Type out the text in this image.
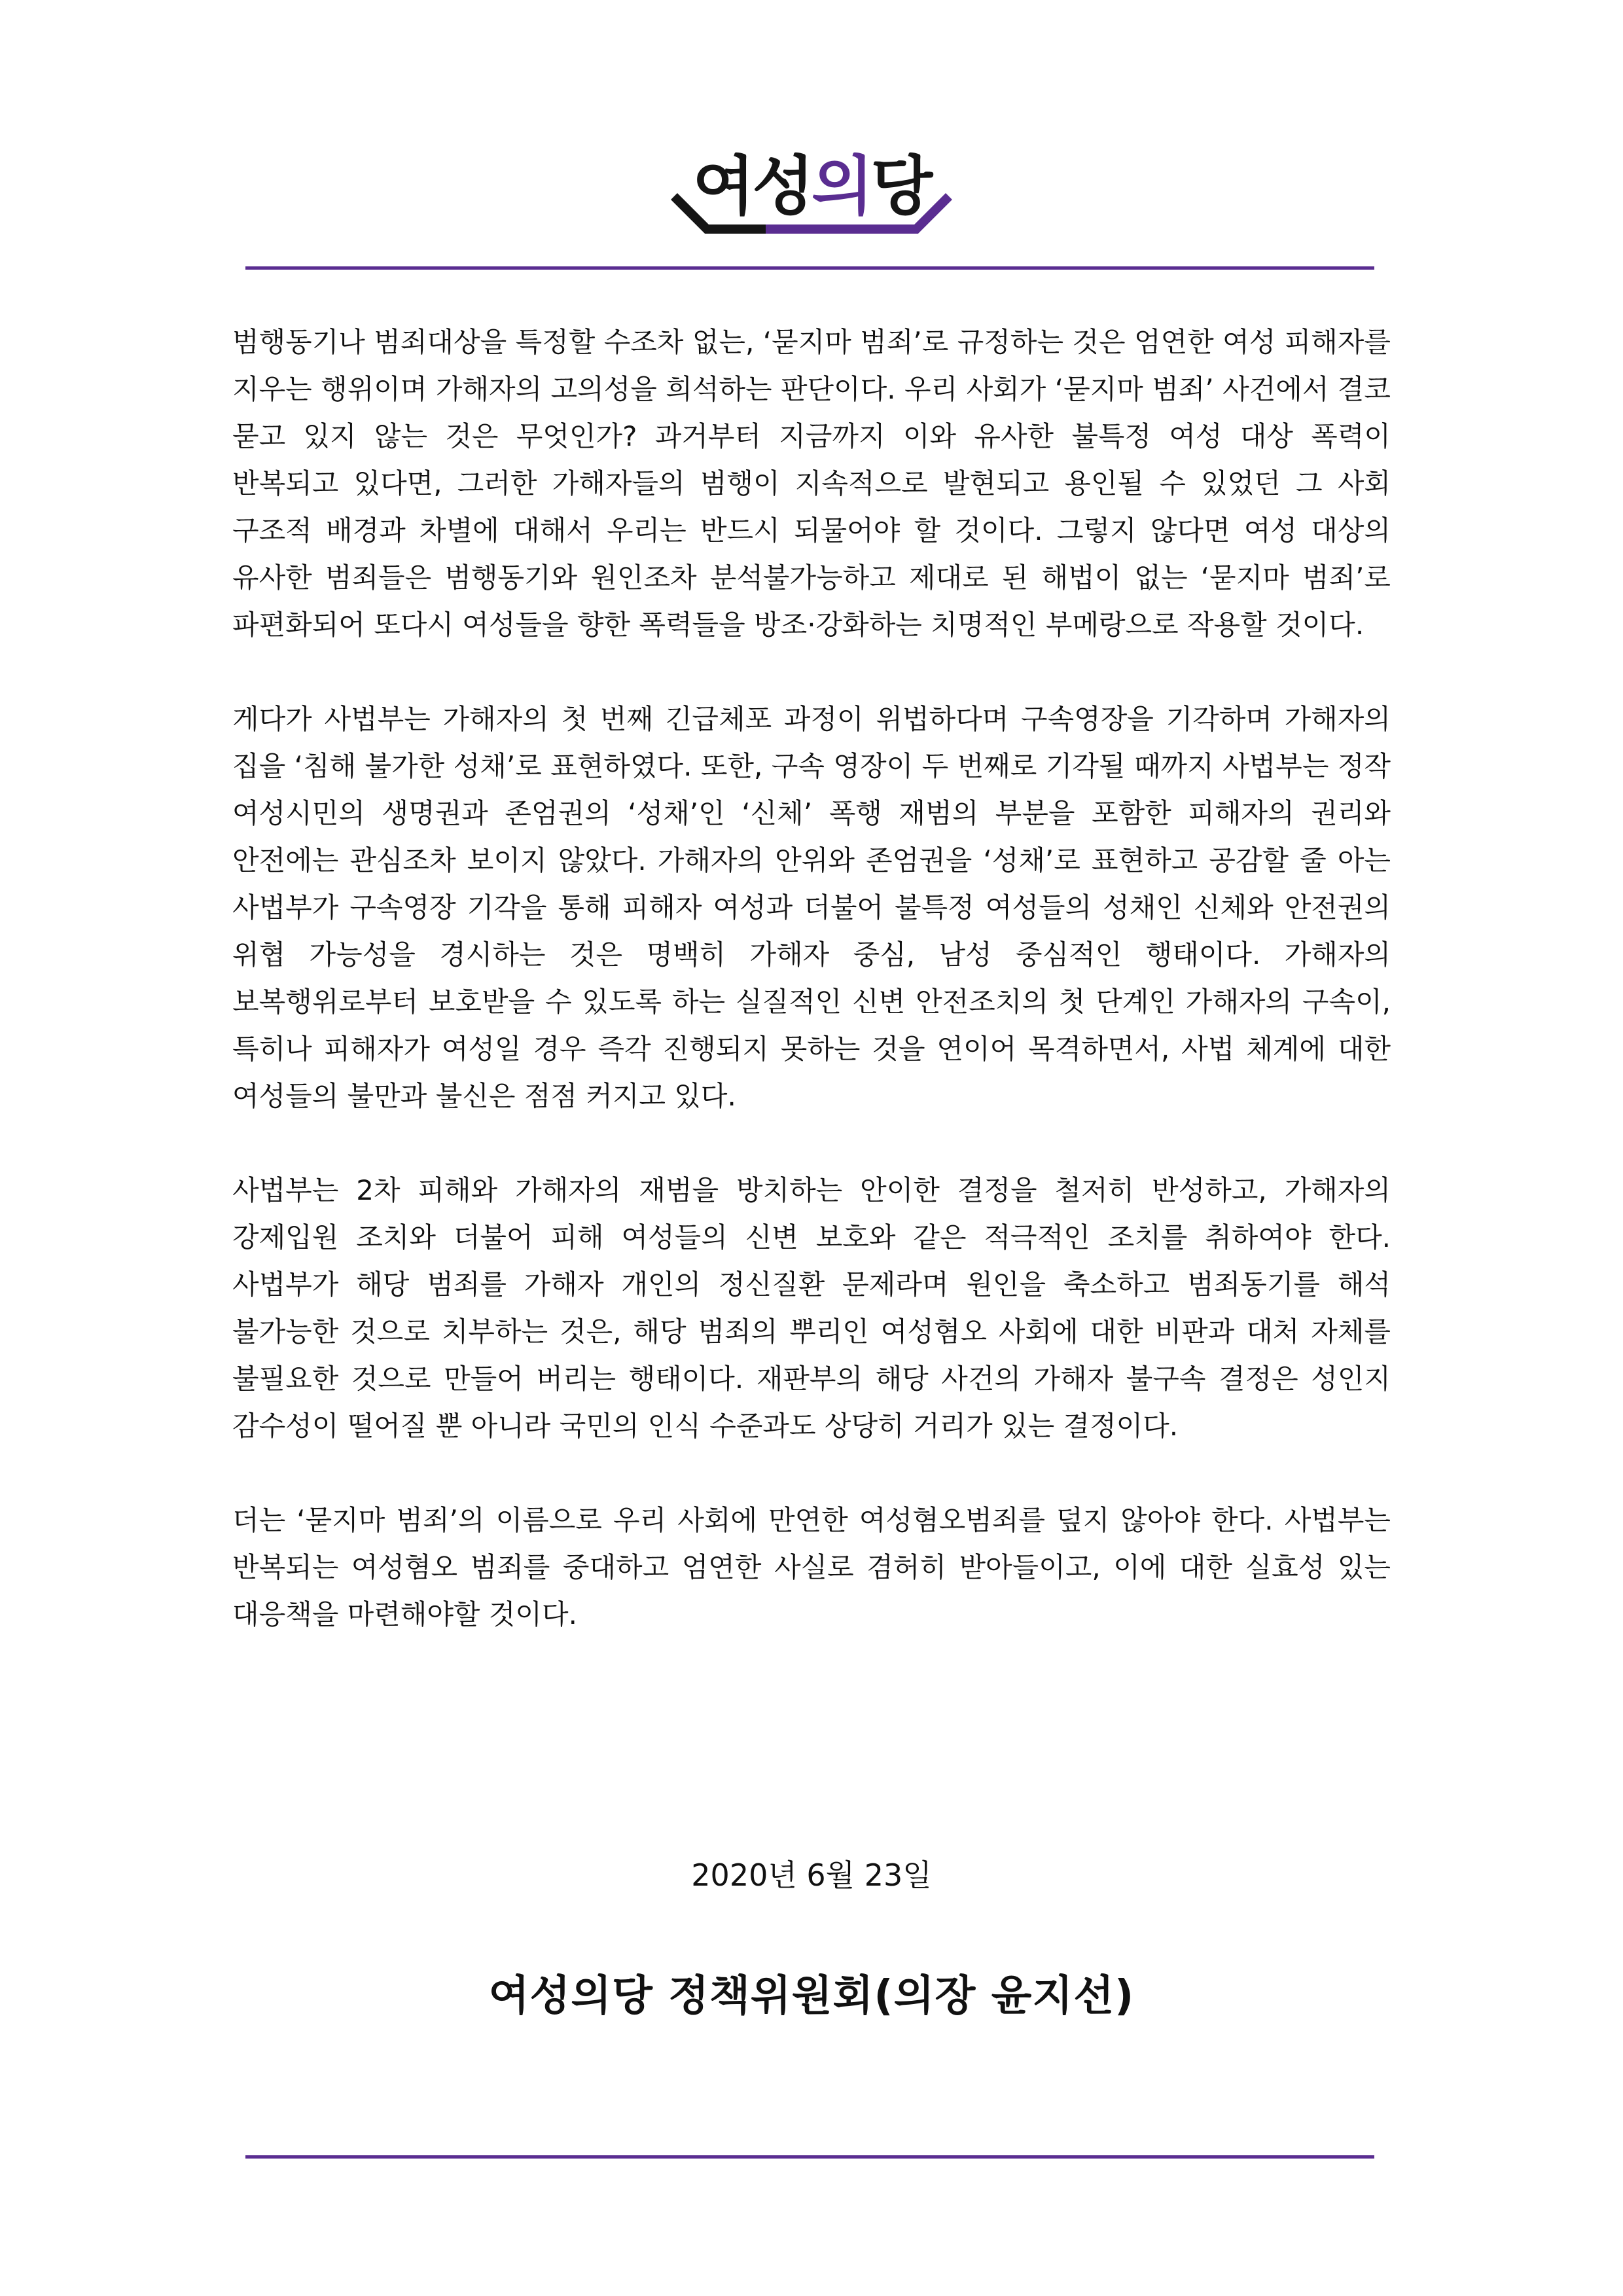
여성의당

범행동기나 범죄대상을 특정할 수조차 없는, ‘묻지마 범죄’로 규정하는 것은 엄연한 여성 피해자를 지우는 행위이며 가해자의 고의성을 희석하는 판단이다. 우리 사회가 ‘묻지마 범죄’ 사건에서 결코 묻고 있지 않는 것은 무엇인가? 과거부터 지금까지 이와 유사한 불특정 여성 대상 폭력이 반복되고 있다면, 그러한 가해자들의 범행이 지속적으로 발현되고 용인될 수 있었던 그 사회 구조적 배경과 차별에 대해서 우리는 반드시 되물어야 할 것이다. 그렇지 않다면 여성 대상의 유사한 범죄들은 범행동기와 원인조차 분석불가능하고 제대로 된 해법이 없는 ‘묻지마 범죄’로 파편화되어 또다시 여성들을 향한 폭력들을 방조·강화하는 치명적인 부메랑으로 작용할 것이다.

게다가 사법부는 가해자의 첫 번째 긴급체포 과정이 위법하다며 구속영장을 기각하며 가해자의 집을 ‘침해 불가한 성채’로 표현하였다. 또한, 구속 영장이 두 번째로 기각될 때까지 사법부는 정작 여성시민의 생명권과 존엄권의 ‘성채’인 ‘신체’ 폭행 재범의 부분을 포함한 피해자의 권리와 안전에는 관심조차 보이지 않았다. 가해자의 안위와 존엄권을 ‘성채’로 표현하고 공감할 줄 아는 사법부가 구속영장 기각을 통해 피해자 여성과 더불어 불특정 여성들의 성채인 신체와 안전권의 위협 가능성을 경시하는 것은 명백히 가해자 중심, 남성 중심적인 행태이다. 가해자의 보복행위로부터 보호받을 수 있도록 하는 실질적인 신변 안전조치의 첫 단계인 가해자의 구속이, 특히나 피해자가 여성일 경우 즉각 진행되지 못하는 것을 연이어 목격하면서, 사법 체계에 대한 여성들의 불만과 불신은 점점 커지고 있다.

사법부는 2차 피해와 가해자의 재범을 방치하는 안이한 결정을 철저히 반성하고, 가해자의 강제입원 조치와 더불어 피해 여성들의 신변 보호와 같은 적극적인 조치를 취하여야 한다. 사법부가 해당 범죄를 가해자 개인의 정신질환 문제라며 원인을 축소하고 범죄동기를 해석 불가능한 것으로 치부하는 것은, 해당 범죄의 뿌리인 여성혐오 사회에 대한 비판과 대처 자체를 불필요한 것으로 만들어 버리는 행태이다. 재판부의 해당 사건의 가해자 불구속 결정은 성인지 감수성이 떨어질 뿐 아니라 국민의 인식 수준과도 상당히 거리가 있는 결정이다.

더는 ‘묻지마 범죄’의 이름으로 우리 사회에 만연한 여성혐오범죄를 덮지 않아야 한다. 사법부는 반복되는 여성혐오 범죄를 중대하고 엄연한 사실로 겸허히 받아들이고, 이에 대한 실효성 있는 대응책을 마련해야할 것이다.

2020년 6월 23일
여성의당 정책위원회(의장 윤지선)
